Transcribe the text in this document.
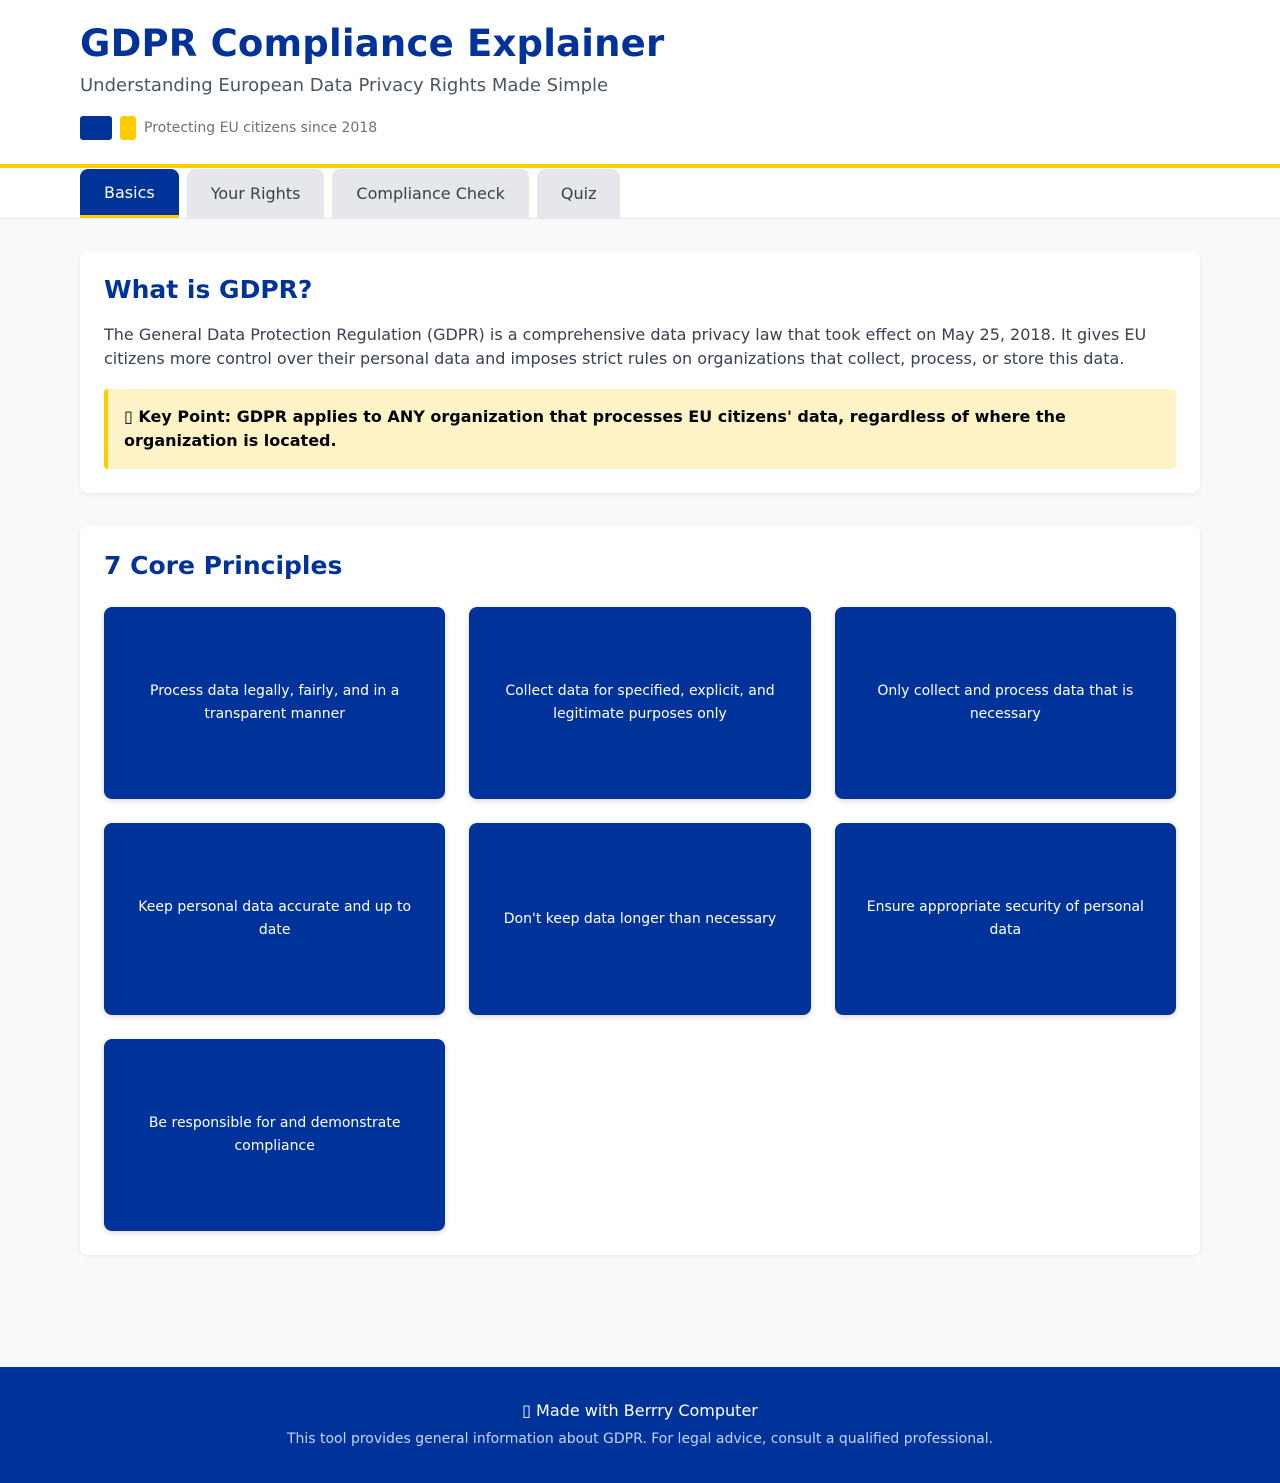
GDPR Compliance Explainer

Understanding European Data Privacy Rights Made Simple

Protecting EU citizens since 2018
Basics	Your Rights	Compliance Check	Quiz
What is GDPR?

The General Data Protection Regulation (GDPR) is a comprehensive data privacy law that took effect on May 25, 2018. It gives EU citizens more control over their personal data and imposes strict rules on organizations that collect, process, or store this data.

▯ Key Point: GDPR applies to ANY organization that processes EU citizens' data, regardless of where the organization is located.
7 Core Principles
Process data legally, fairly, and in a transparent manner
Collect data for specified, explicit, and legitimate purposes only
Only collect and process data that is necessary
Keep personal data accurate and up to date
Don't keep data longer than necessary
Ensure appropriate security of personal data
Be responsible for and demonstrate compliance
▯ Made with Berrry Computer
This tool provides general information about GDPR. For legal advice, consult a qualified professional.
